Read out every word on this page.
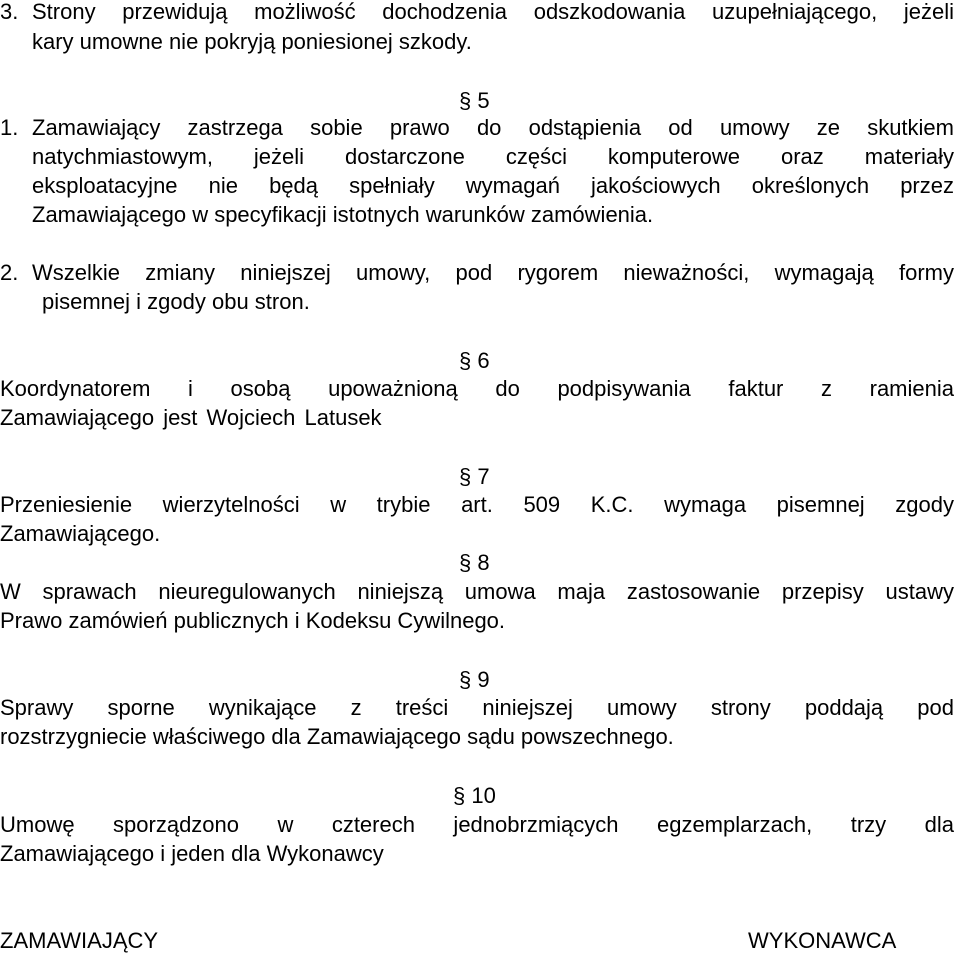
3. Strony przewidują możliwość dochodzenia odszkodowania uzupełniającego, jeżeli
kary umowne nie pokryją poniesionej szkody.
§ 5
1. Zamawiający zastrzega sobie prawo do odstąpienia od umowy ze skutkiem
natychmiastowym, jeżeli dostarczone części komputerowe oraz materiały
eksploatacyjne nie będą spełniały wymagań jakościowych określonych przez
Zamawiającego w specyfikacji istotnych warunków zamówienia.
2. Wszelkie zmiany niniejszej umowy, pod rygorem nieważności, wymagają formy
pisemnej i zgody obu stron.
§ 6
Koordynatorem i osobą upoważnioną do podpisywania faktur z ramienia
Zamawiającego jest Wojciech Latusek
§ 7
Przeniesienie wierzytelności w trybie art. 509 K.C. wymaga pisemnej zgody
Zamawiającego.
§ 8
W sprawach nieuregulowanych niniejszą umowa maja zastosowanie przepisy ustawy
Prawo zamówień publicznych i Kodeksu Cywilnego.
§ 9
Sprawy sporne wynikające z treści niniejszej umowy strony poddają pod
rozstrzygniecie właściwego dla Zamawiającego sądu powszechnego.
§ 10
Umowę sporządzono w czterech jednobrzmiących egzemplarzach, trzy dla
Zamawiającego i jeden dla Wykonawcy
ZAMAWIAJĄCY	WYKONAWCA
